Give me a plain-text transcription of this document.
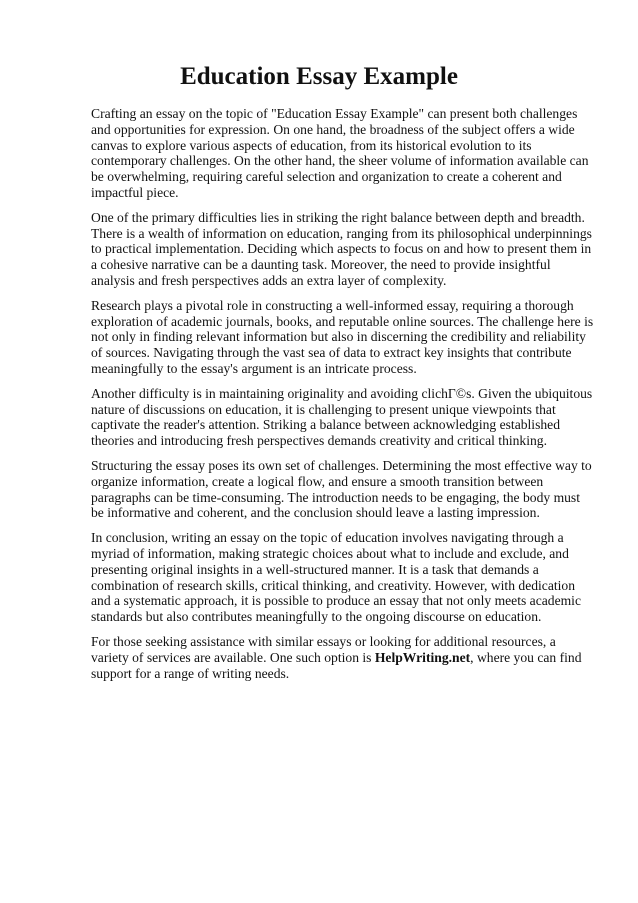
Education Essay Example

Crafting an essay on the topic of "Education Essay Example" can present both challenges and opportunities for expression. On one hand, the broadness of the subject offers a wide canvas to explore various aspects of education, from its historical evolution to its contemporary challenges. On the other hand, the sheer volume of information available can be overwhelming, requiring careful selection and organization to create a coherent and impactful piece.

One of the primary difficulties lies in striking the right balance between depth and breadth. There is a wealth of information on education, ranging from its philosophical underpinnings to practical implementation. Deciding which aspects to focus on and how to present them in a cohesive narrative can be a daunting task. Moreover, the need to provide insightful analysis and fresh perspectives adds an extra layer of complexity.

Research plays a pivotal role in constructing a well-informed essay, requiring a thorough exploration of academic journals, books, and reputable online sources. The challenge here is not only in finding relevant information but also in discerning the credibility and reliability of sources. Navigating through the vast sea of data to extract key insights that contribute meaningfully to the essay's argument is an intricate process.

Another difficulty is in maintaining originality and avoiding clichГ©s. Given the ubiquitous nature of discussions on education, it is challenging to present unique viewpoints that captivate the reader's attention. Striking a balance between acknowledging established theories and introducing fresh perspectives demands creativity and critical thinking.

Structuring the essay poses its own set of challenges. Determining the most effective way to organize information, create a logical flow, and ensure a smooth transition between paragraphs can be time-consuming. The introduction needs to be engaging, the body must be informative and coherent, and the conclusion should leave a lasting impression.

In conclusion, writing an essay on the topic of education involves navigating through a myriad of information, making strategic choices about what to include and exclude, and presenting original insights in a well-structured manner. It is a task that demands a combination of research skills, critical thinking, and creativity. However, with dedication and a systematic approach, it is possible to produce an essay that not only meets academic standards but also contributes meaningfully to the ongoing discourse on education.

For those seeking assistance with similar essays or looking for additional resources, a variety of services are available. One such option is HelpWriting.net, where you can find support for a range of writing needs.
